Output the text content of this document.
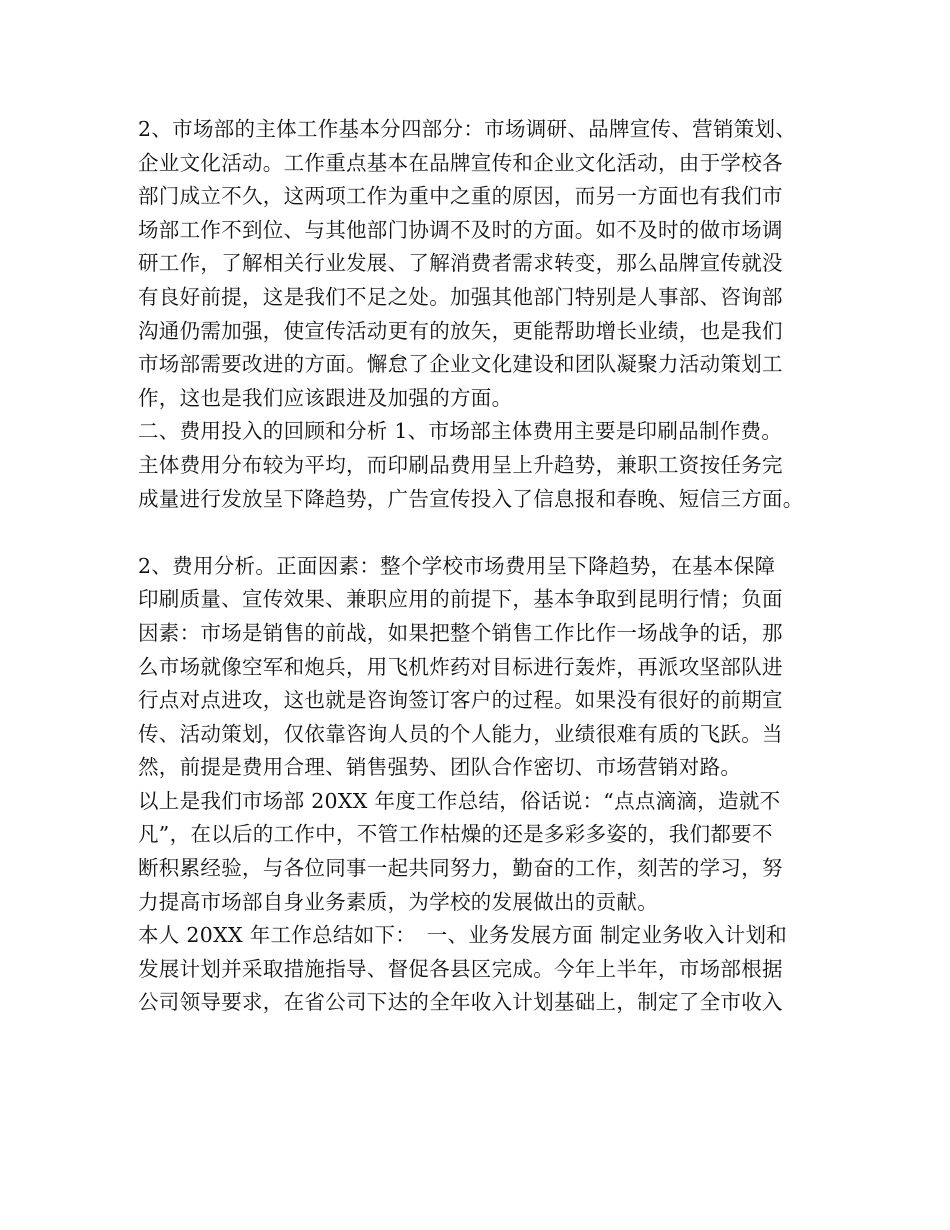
2、市场部的主体工作基本分四部分：市场调研、品牌宣传、营销策划、
企业文化活动。工作重点基本在品牌宣传和企业文化活动，由于学校各
部门成立不久，这两项工作为重中之重的原因，而另一方面也有我们市
场部工作不到位、与其他部门协调不及时的方面。如不及时的做市场调
研工作，了解相关行业发展、了解消费者需求转变，那么品牌宣传就没
有良好前提，这是我们不足之处。加强其他部门特别是人事部、咨询部
沟通仍需加强，使宣传活动更有的放矢，更能帮助增长业绩，也是我们
市场部需要改进的方面。懈怠了企业文化建设和团队凝聚力活动策划工
作，这也是我们应该跟进及加强的方面。
二、费用投入的回顾和分析 1、市场部主体费用主要是印刷品制作费。
主体费用分布较为平均，而印刷品费用呈上升趋势，兼职工资按任务完
成量进行发放呈下降趋势，广告宣传投入了信息报和春晚、短信三方面。
2、费用分析。正面因素：整个学校市场费用呈下降趋势，在基本保障
印刷质量、宣传效果、兼职应用的前提下，基本争取到昆明行情；负面
因素：市场是销售的前战，如果把整个销售工作比作一场战争的话，那
么市场就像空军和炮兵，用飞机炸药对目标进行轰炸，再派攻坚部队进
行点对点进攻，这也就是咨询签订客户的过程。如果没有很好的前期宣
传、活动策划，仅依靠咨询人员的个人能力，业绩很难有质的飞跃。当
然，前提是费用合理、销售强势、团队合作密切、市场营销对路。
以上是我们市场部 20XX 年度工作总结，俗话说：“点点滴滴，造就不
凡”，在以后的工作中，不管工作枯燥的还是多彩多姿的，我们都要不
断积累经验，与各位同事一起共同努力，勤奋的工作，刻苦的学习，努
力提高市场部自身业务素质，为学校的发展做出的贡献。
本人 20XX 年工作总结如下：　一、业务发展方面 制定业务收入计划和
发展计划并采取措施指导、督促各县区完成。今年上半年，市场部根据
公司领导要求，在省公司下达的全年收入计划基础上，制定了全市收入
